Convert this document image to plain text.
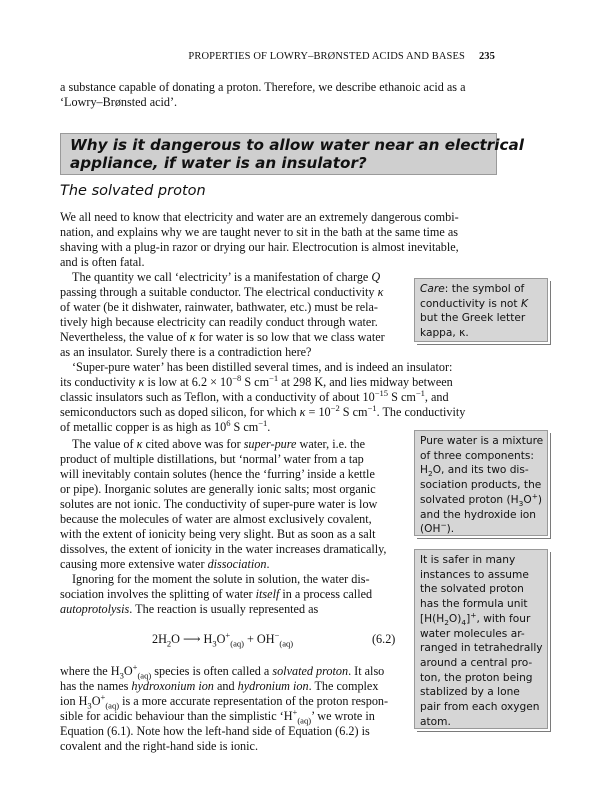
PROPERTIES OF LOWRY–BRØNSTED ACIDS AND BASES 235
a substance capable of donating a proton. Therefore, we describe ethanoic acid as a
‘Lowry–Brønsted acid’.
Why is it dangerous to allow water near an electrical
appliance, if water is an insulator?
The solvated proton
We all need to know that electricity and water are an extremely dangerous combi-
nation, and explains why we are taught never to sit in the bath at the same time as
shaving with a plug-in razor or drying our hair. Electrocution is almost inevitable,
and is often fatal.
The quantity we call ‘electricity’ is a manifestation of charge Q
passing through a suitable conductor. The electrical conductivity κ
of water (be it dishwater, rainwater, bathwater, etc.) must be rela-
tively high because electricity can readily conduct through water.
Nevertheless, the value of κ for water is so low that we class water
as an insulator. Surely there is a contradiction here?
‘Super-pure water’ has been distilled several times, and is indeed an insulator:
its conductivity κ is low at $6.2 \times 10^{-8}$ S $cm^{-1}$ at 298 K, and lies midway between
classic insulators such as Teflon, with a conductivity of about $10^{-15}$ S $cm^{-1}$, and
semiconductors such as doped silicon, for which $\kappa = 10^{-2}$ S $cm^{-1}$. The conductivity
of metallic copper is as high as $10^6$ S $cm^{-1}$.
The value of κ cited above was for super-pure water, i.e. the
product of multiple distillations, but ‘normal’ water from a tap
will inevitably contain solutes (hence the ‘furring’ inside a kettle
or pipe). Inorganic solutes are generally ionic salts; most organic
solutes are not ionic. The conductivity of super-pure water is low
because the molecules of water are almost exclusively covalent,
with the extent of ionicity being very slight. But as soon as a salt
dissolves, the extent of ionicity in the water increases dramatically,
causing more extensive water dissociation.
Ignoring for the moment the solute in solution, the water dis-
sociation involves the splitting of water itself in a process called
autoprotolysis. The reaction is usually represented as
$2H_2O$ ⟶ $H_3O^+_{(aq)} + OH^-_{(aq)}$	(6.2)
where the $H_3O^+_{(aq)}$ species is often called a solvated proton. It also
has the names hydroxonium ion and hydronium ion. The complex
ion $H_3O^+_{(aq)}$ is a more accurate representation of the proton respon-
sible for acidic behaviour than the simplistic ‘$H^+_{(aq)}$’ we wrote in
Equation (6.1). Note how the left-hand side of Equation (6.2) is
covalent and the right-hand side is ionic.
Care: the symbol of
conductivity is not K
but the Greek letter
kappa, κ.
Pure water is a mixture
of three components:
$H_2O$, and its two dis-
sociation products, the
solvated proton $(H_3O^+)$
and the hydroxide ion
(OH−).
It is safer in many
instances to assume
the solvated proton
has the formula unit
$[H(H_2O)_4]^+$, with four
water molecules ar-
ranged in tetrahedrally
around a central pro-
ton, the proton being
stablized by a lone
pair from each oxygen
atom.
